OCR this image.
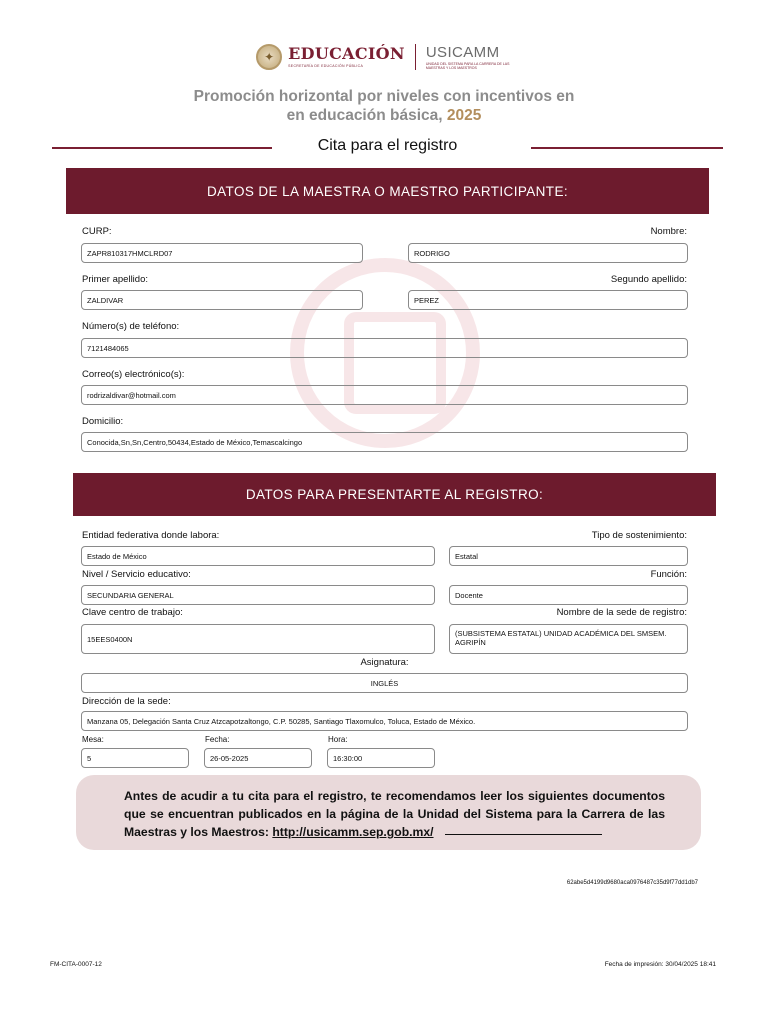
✦ EDUCACIÓN
SECRETARÍA DE EDUCACIÓN PÚBLICA
USICAMM
UNIDAD DEL SISTEMA PARA LA CARRERA DE LAS MAESTRAS Y LOS MAESTROS
Promoción horizontal por niveles con incentivos en
en educación básica, 2025
Cita para el registro
DATOS DE LA MAESTRA O MAESTRO PARTICIPANTE:
CURP:	Nombre:
ZAPR810317HMCLRD07	RODRIGO
Primer apellido:	Segundo apellido:
ZALDIVAR	PEREZ
Número(s) de teléfono:
7121484065
Correo(s) electrónico(s):
rodrizaldivar@hotmail.com
Domicilio:
Conocida,Sn,Sn,Centro,50434,Estado de México,Temascalcingo
DATOS PARA PRESENTARTE AL REGISTRO:
Entidad federativa donde labora:	Tipo de sostenimiento:
Estado de México	Estatal
Nivel / Servicio educativo:	Función:
SECUNDARIA GENERAL	Docente
Clave centro de trabajo:	Nombre de la sede de registro:
15EES0400N
(SUBSISTEMA ESTATAL) UNIDAD ACADÉMICA DEL SMSEM. AGRIPÍN
Asignatura:
INGLÉS
Dirección de la sede:
Manzana 05, Delegación Santa Cruz Atzcapotzaltongo, C.P. 50285, Santiago Tlaxomulco, Toluca, Estado de México.
Mesa:	Fecha:	Hora:
5	26-05-2025	16:30:00
Antes de acudir a tu cita para el registro, te recomendamos leer los siguientes documentos que se encuentran publicados en la página de la Unidad del Sistema para la Carrera de las Maestras y los Maestros: http://usicamm.sep.gob.mx/
62abe5d4199d9680aca0976487c35d9f77dd1db7
FM-CITA-0007-12	Fecha de impresión: 30/04/2025 18:41
